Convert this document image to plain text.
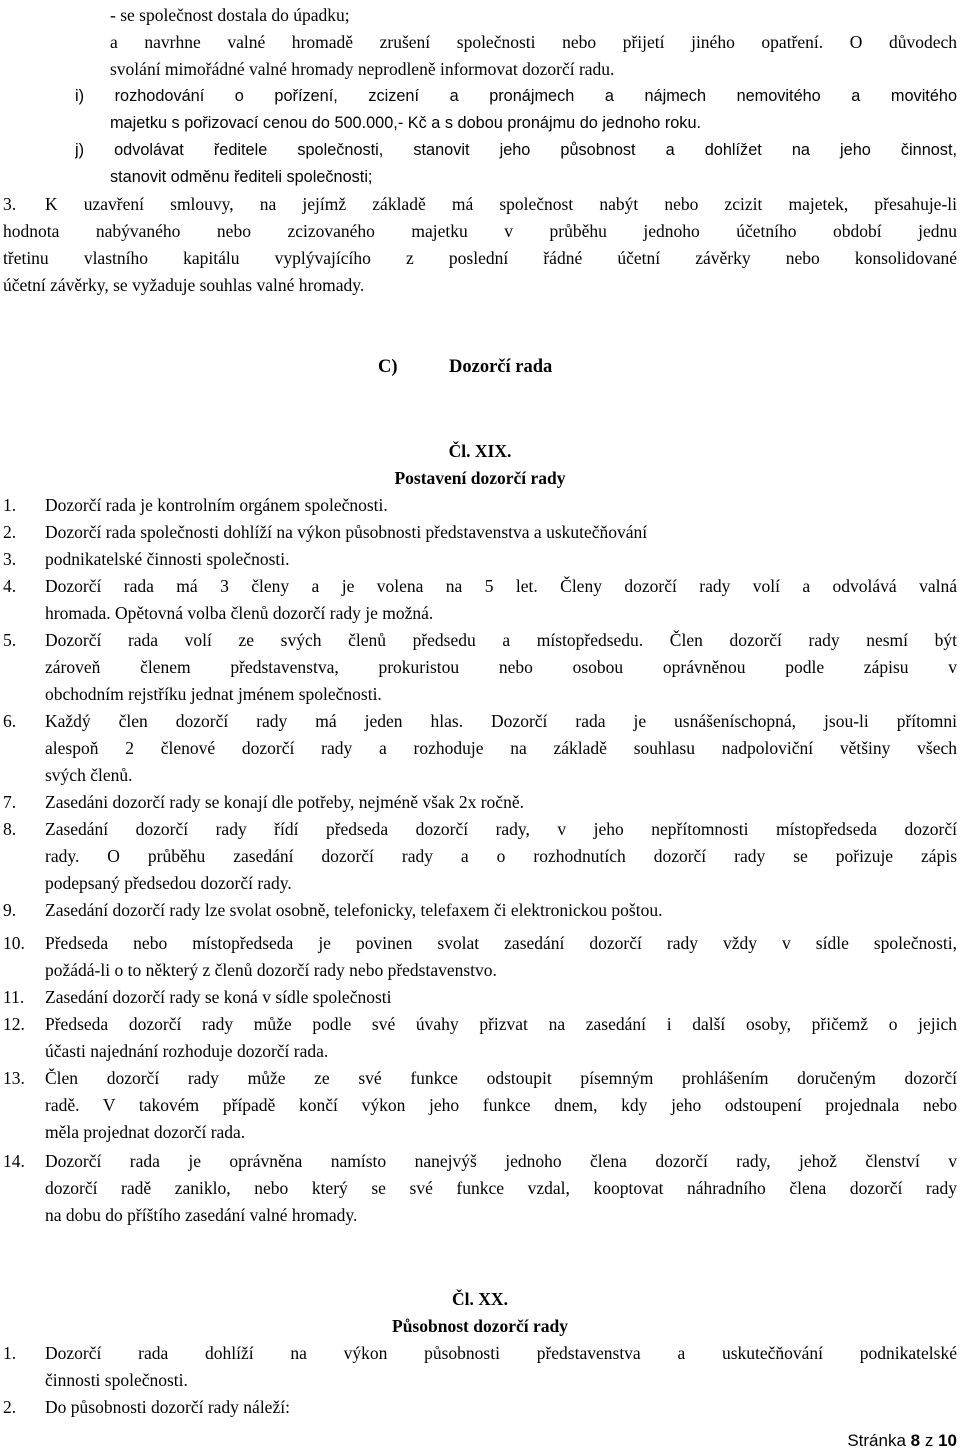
- se společnost dostala do úpadku;
a navrhne valné hromadě zrušení společnosti nebo přijetí jiného opatření. O důvodech
svolání mimořádné valné hromady neprodleně informovat dozorčí radu.
i) rozhodování o pořízení, zcizení a pronájmech a nájmech nemovitého a movitého
majetku s pořizovací cenou do 500.000,- Kč a s dobou pronájmu do jednoho roku.
j) odvolávat ředitele společnosti, stanovit jeho působnost a dohlížet na jeho činnost,
stanovit odměnu řediteli společnosti;
3. K uzavření smlouvy, na jejímž základě má společnost nabýt nebo zcizit majetek, přesahuje-li
hodnota nabývaného nebo zcizovaného majetku v průběhu jednoho účetního období jednu
třetinu vlastního kapitálu vyplývajícího z poslední řádné účetní závěrky nebo konsolidované
účetní závěrky, se vyžaduje souhlas valné hromady.
C)	Dozorčí rada
Čl. XIX.
Postavení dozorčí rady
1. Dozorčí rada je kontrolním orgánem společnosti.
2. Dozorčí rada společnosti dohlíží na výkon působnosti představenstva a uskutečňování
3. podnikatelské činnosti společnosti.
4. Dozorčí rada má 3 členy a je volena na 5 let. Členy dozorčí rady volí a odvolává valná
hromada. Opětovná volba členů dozorčí rady je možná.
5. Dozorčí rada volí ze svých členů předsedu a místopředsedu. Člen dozorčí rady nesmí být
zároveň členem představenstva, prokuristou nebo osobou oprávněnou podle zápisu v
obchodním rejstříku jednat jménem společnosti.
6. Každý člen dozorčí rady má jeden hlas. Dozorčí rada je usnášeníschopná, jsou-li přítomni
alespoň 2 členové dozorčí rady a rozhoduje na základě souhlasu nadpoloviční většiny všech
svých členů.
7. Zasedáni dozorčí rady se konají dle potřeby, nejméně však 2x ročně.
8. Zasedání dozorčí rady řídí předseda dozorčí rady, v jeho nepřítomnosti místopředseda dozorčí
rady. O průběhu zasedání dozorčí rady a o rozhodnutích dozorčí rady se pořizuje zápis
podepsaný předsedou dozorčí rady.
9. Zasedání dozorčí rady lze svolat osobně, telefonicky, telefaxem či elektronickou poštou.
10. Předseda nebo místopředseda je povinen svolat zasedání dozorčí rady vždy v sídle společnosti,
požádá-li o to některý z členů dozorčí rady nebo představenstvo.
11. Zasedání dozorčí rady se koná v sídle společnosti
12. Předseda dozorčí rady může podle své úvahy přizvat na zasedání i další osoby, přičemž o jejich
účasti najednání rozhoduje dozorčí rada.
13. Člen dozorčí rady může ze své funkce odstoupit písemným prohlášením doručeným dozorčí
radě. V takovém případě končí výkon jeho funkce dnem, kdy jeho odstoupení projednala nebo
měla projednat dozorčí rada.
14. Dozorčí rada je oprávněna namísto nanejvýš jednoho člena dozorčí rady, jehož členství v
dozorčí radě zaniklo, nebo který se své funkce vzdal, kooptovat náhradního člena dozorčí rady
na dobu do příštího zasedání valné hromady.
Čl. XX.
Působnost dozorčí rady
1. Dozorčí rada dohlíží na výkon působnosti představenstva a uskutečňování podnikatelské
činnosti společnosti.
2. Do působnosti dozorčí rady náleží:
Stránka 8 z 10
